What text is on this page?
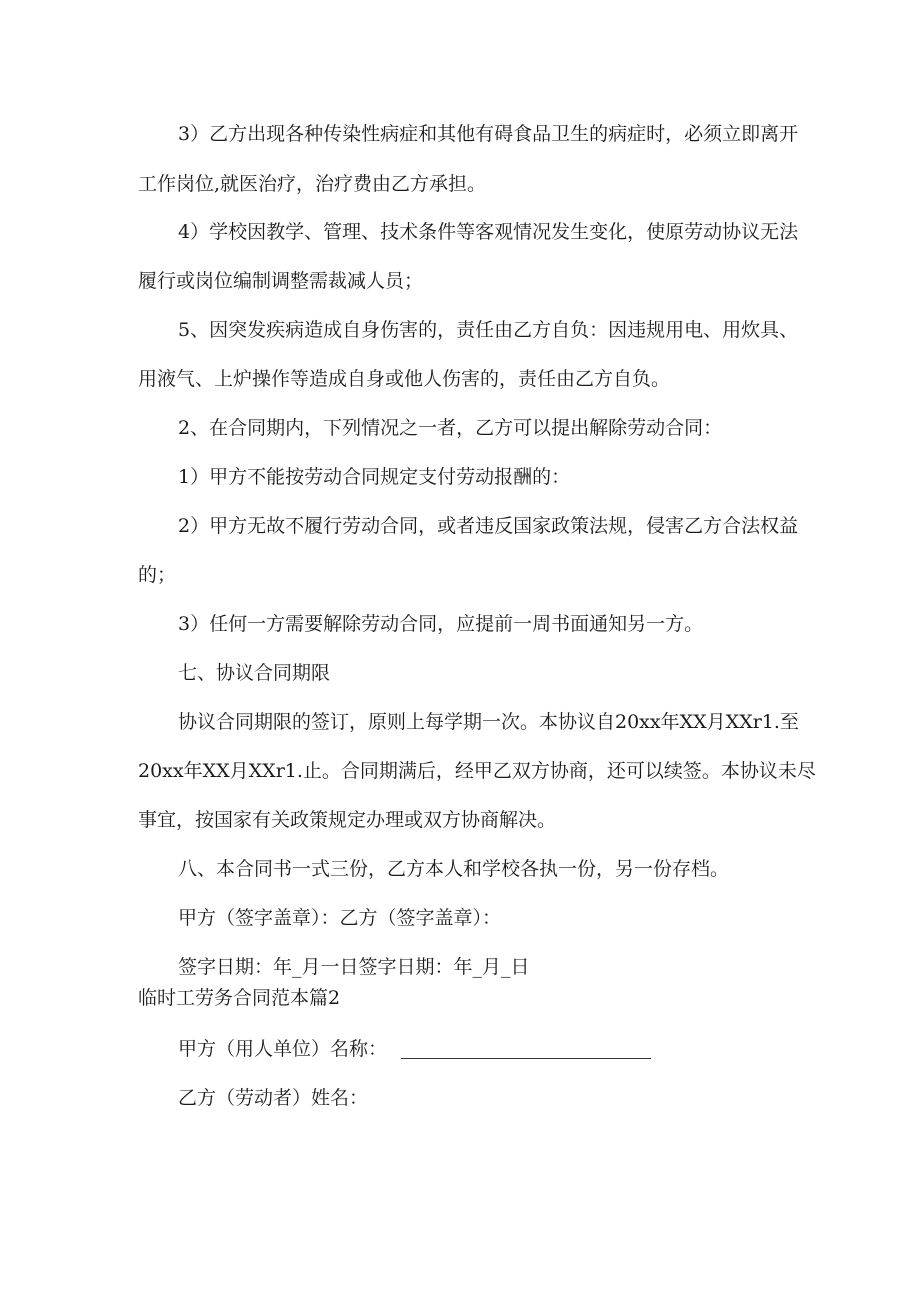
3）乙方出现各种传染性病症和其他有碍食品卫生的病症时，必须立即离开
工作岗位,就医治疗，治疗费由乙方承担。
4）学校因教学、管理、技术条件等客观情况发生变化，使原劳动协议无法
履行或岗位编制调整需裁减人员；
5、因突发疾病造成自身伤害的，责任由乙方自负：因违规用电、用炊具、
用液气、上炉操作等造成自身或他人伤害的，责任由乙方自负。
2、在合同期内，下列情况之一者，乙方可以提出解除劳动合同：
1）甲方不能按劳动合同规定支付劳动报酬的：
2）甲方无故不履行劳动合同，或者违反国家政策法规，侵害乙方合法权益
的；
3）任何一方需要解除劳动合同，应提前一周书面通知另一方。
七、协议合同期限
协议合同期限的签订，原则上每学期一次。本协议自20xx年XX月XXr1.至
20xx年XX月XXr1.止。合同期满后，经甲乙双方协商，还可以续签。本协议未尽
事宜，按国家有关政策规定办理或双方协商解决。
八、本合同书一式三份，乙方本人和学校各执一份，另一份存档。
甲方（签字盖章）：乙方（签字盖章）：
签字日期：年_月一日签字日期：年_月_日
临时工劳务合同范本篇2
甲方（用人单位）名称：
乙方（劳动者）姓名：
